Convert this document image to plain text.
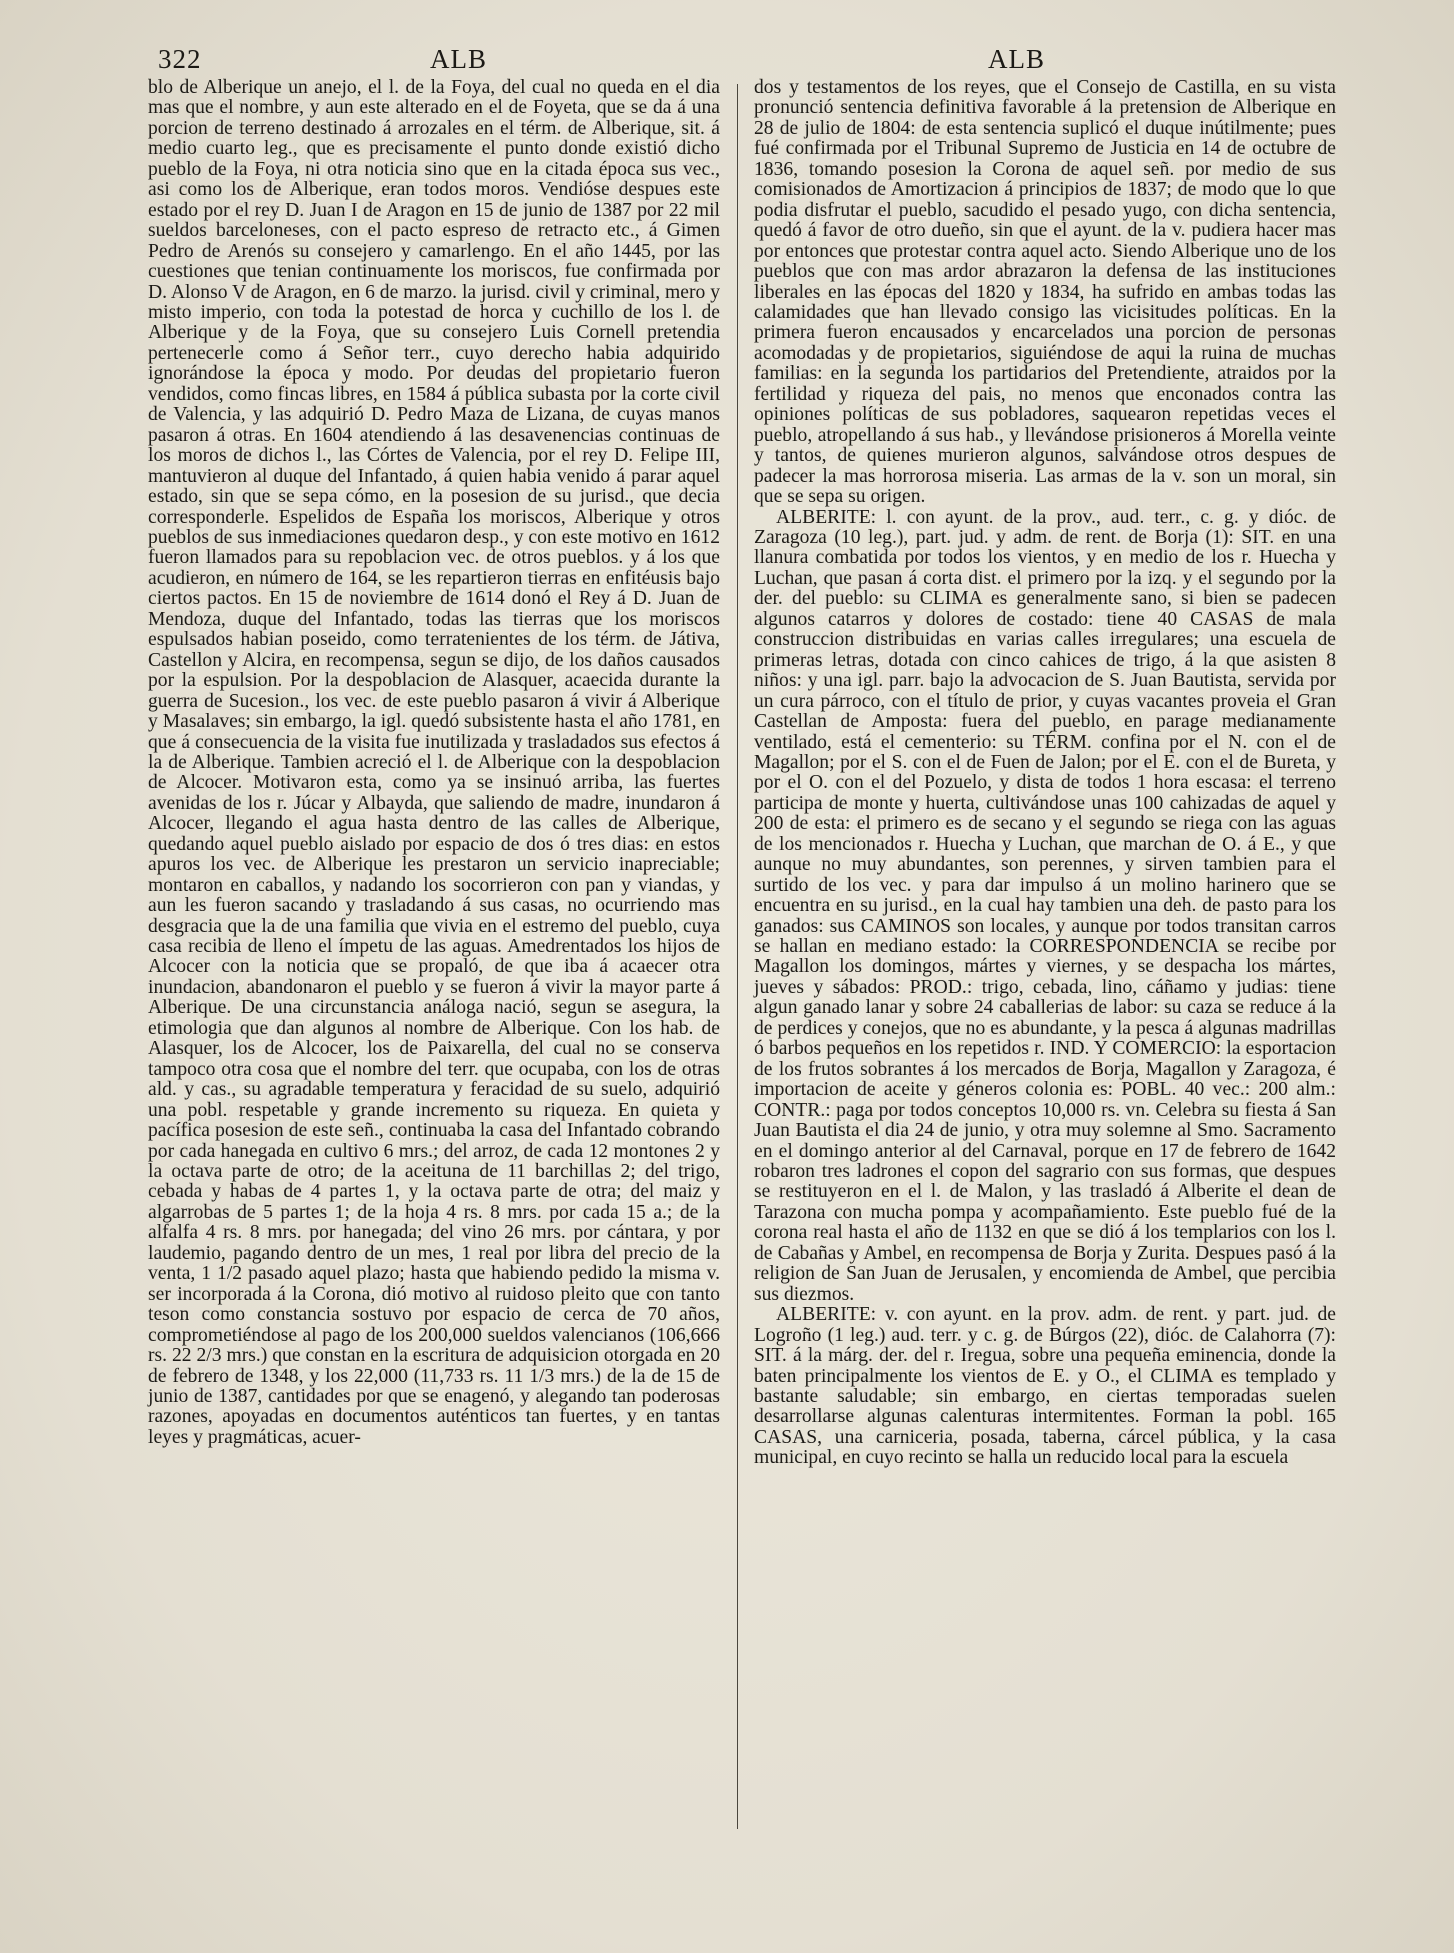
322	ALB	ALB

blo de Alberique un anejo, el l. de la Foya, del cual no queda en el dia mas que el nombre, y aun este alterado en el de Foyeta, que se da á una porcion de terreno destinado á arrozales en el térm. de Alberique, sit. á medio cuarto leg., que es precisamente el punto donde existió dicho pueblo de la Foya, ni otra noticia sino que en la citada época sus vec., asi como los de Alberique, eran todos moros. Vendióse despues este estado por el rey D. Juan I de Aragon en 15 de junio de 1387 por 22 mil sueldos barceloneses, con el pacto espreso de retracto etc., á Gimen Pedro de Arenós su consejero y camarlengo. En el año 1445, por las cuestiones que tenian continuamente los moriscos, fue confirmada por D. Alonso V de Aragon, en 6 de marzo. la jurisd. civil y criminal, mero y misto imperio, con toda la potestad de horca y cuchillo de los l. de Alberique y de la Foya, que su consejero Luis Cornell pretendia pertenecerle como á Señor terr., cuyo derecho habia adquirido ignorándose la época y modo. Por deudas del propietario fueron vendidos, como fincas libres, en 1584 á pública subasta por la corte civil de Valencia, y las adquirió D. Pedro Maza de Lizana, de cuyas manos pasaron á otras. En 1604 atendiendo á las desavenencias continuas de los moros de dichos l., las Córtes de Valencia, por el rey D. Felipe III, mantuvieron al duque del Infantado, á quien habia venido á parar aquel estado, sin que se sepa cómo, en la posesion de su jurisd., que decia corresponderle. Espelidos de España los moriscos, Alberique y otros pueblos de sus inmediaciones quedaron desp., y con este motivo en 1612 fueron llamados para su repoblacion vec. de otros pueblos. y á los que acudieron, en número de 164, se les repartieron tierras en enfitéusis bajo ciertos pactos. En 15 de noviembre de 1614 donó el Rey á D. Juan de Mendoza, duque del Infantado, todas las tierras que los moriscos espulsados habian poseido, como terratenientes de los térm. de Játiva, Castellon y Alcira, en recompensa, segun se dijo, de los daños causados por la espulsion. Por la despoblacion de Alasquer, acaecida durante la guerra de Sucesion., los vec. de este pueblo pasaron á vivir á Alberique y Masalaves; sin embargo, la igl. quedó subsistente hasta el año 1781, en que á consecuencia de la visita fue inutilizada y trasladados sus efectos á la de Alberique. Tambien acreció el l. de Alberique con la despoblacion de Alcocer. Motivaron esta, como ya se insinuó arriba, las fuertes avenidas de los r. Júcar y Albayda, que saliendo de madre, inundaron á Alcocer, llegando el agua hasta dentro de las calles de Alberique, quedando aquel pueblo aislado por espacio de dos ó tres dias: en estos apuros los vec. de Alberique les prestaron un servicio inapreciable; montaron en caballos, y nadando los socorrieron con pan y viandas, y aun les fueron sacando y trasladando á sus casas, no ocurriendo mas desgracia que la de una familia que vivia en el estremo del pueblo, cuya casa recibia de lleno el ímpetu de las aguas. Amedrentados los hijos de Alcocer con la noticia que se propaló, de que iba á acaecer otra inundacion, abandonaron el pueblo y se fueron á vivir la mayor parte á Alberique. De una circunstancia análoga nació, segun se asegura, la etimologia que dan algunos al nombre de Alberique. Con los hab. de Alasquer, los de Alcocer, los de Paixarella, del cual no se conserva tampoco otra cosa que el nombre del terr. que ocupaba, con los de otras ald. y cas., su agradable temperatura y feracidad de su suelo, adquirió una pobl. respetable y grande incremento su riqueza. En quieta y pacífica posesion de este señ., continuaba la casa del Infantado cobrando por cada hanegada en cultivo 6 mrs.; del arroz, de cada 12 montones 2 y la octava parte de otro; de la aceituna de 11 barchillas 2; del trigo, cebada y habas de 4 partes 1, y la octava parte de otra; del maiz y algarrobas de 5 partes 1; de la hoja 4 rs. 8 mrs. por cada 15 a.; de la alfalfa 4 rs. 8 mrs. por hanegada; del vino 26 mrs. por cántara, y por laudemio, pagando dentro de un mes, 1 real por libra del precio de la venta, 1 1/2 pasado aquel plazo; hasta que habiendo pedido la misma v. ser incorporada á la Corona, dió motivo al ruidoso pleito que con tanto teson como constancia sostuvo por espacio de cerca de 70 años, comprometiéndose al pago de los 200,000 sueldos valencianos (106,666 rs. 22 2/3 mrs.) que constan en la escritura de adquisicion otorgada en 20 de febrero de 1348, y los 22,000 (11,733 rs. 11 1/3 mrs.) de la de 15 de junio de 1387, cantidades por que se enagenó, y alegando tan poderosas razones, apoyadas en documentos auténticos tan fuertes, y en tantas leyes y pragmáticas, acuer-

dos y testamentos de los reyes, que el Consejo de Castilla, en su vista pronunció sentencia definitiva favorable á la pretension de Alberique en 28 de julio de 1804: de esta sentencia suplicó el duque inútilmente; pues fué confirmada por el Tribunal Supremo de Justicia en 14 de octubre de 1836, tomando posesion la Corona de aquel señ. por medio de sus comisionados de Amortizacion á principios de 1837; de modo que lo que podia disfrutar el pueblo, sacudido el pesado yugo, con dicha sentencia, quedó á favor de otro dueño, sin que el ayunt. de la v. pudiera hacer mas por entonces que protestar contra aquel acto. Siendo Alberique uno de los pueblos que con mas ardor abrazaron la defensa de las instituciones liberales en las épocas del 1820 y 1834, ha sufrido en ambas todas las calamidades que han llevado consigo las vicisitudes políticas. En la primera fueron encausados y encarcelados una porcion de personas acomodadas y de propietarios, siguiéndose de aqui la ruina de muchas familias: en la segunda los partidarios del Pretendiente, atraidos por la fertilidad y riqueza del pais, no menos que enconados contra las opiniones políticas de sus pobladores, saquearon repetidas veces el pueblo, atropellando á sus hab., y llevándose prisioneros á Morella veinte y tantos, de quienes murieron algunos, salvándose otros despues de padecer la mas horrorosa miseria. Las armas de la v. son un moral, sin que se sepa su origen.

ALBERITE: l. con ayunt. de la prov., aud. terr., c. g. y dióc. de Zaragoza (10 leg.), part. jud. y adm. de rent. de Borja (1): SIT. en una llanura combatida por todos los vientos, y en medio de los r. Huecha y Luchan, que pasan á corta dist. el primero por la izq. y el segundo por la der. del pueblo: su CLIMA es generalmente sano, si bien se padecen algunos catarros y dolores de costado: tiene 40 CASAS de mala construccion distribuidas en varias calles irregulares; una escuela de primeras letras, dotada con cinco cahices de trigo, á la que asisten 8 niños: y una igl. parr. bajo la advocacion de S. Juan Bautista, servida por un cura párroco, con el título de prior, y cuyas vacantes proveia el Gran Castellan de Amposta: fuera del pueblo, en parage medianamente ventilado, está el cementerio: su TÉRM. confina por el N. con el de Magallon; por el S. con el de Fuen de Jalon; por el E. con el de Bureta, y por el O. con el del Pozuelo, y dista de todos 1 hora escasa: el terreno participa de monte y huerta, cultivándose unas 100 cahizadas de aquel y 200 de esta: el primero es de secano y el segundo se riega con las aguas de los mencionados r. Huecha y Luchan, que marchan de O. á E., y que aunque no muy abundantes, son perennes, y sirven tambien para el surtido de los vec. y para dar impulso á un molino harinero que se encuentra en su jurisd., en la cual hay tambien una deh. de pasto para los ganados: sus CAMINOS son locales, y aunque por todos transitan carros se hallan en mediano estado: la CORRESPONDENCIA se recibe por Magallon los domingos, mártes y viernes, y se despacha los mártes, jueves y sábados: PROD.: trigo, cebada, lino, cáñamo y judias: tiene algun ganado lanar y sobre 24 caballerias de labor: su caza se reduce á la de perdices y conejos, que no es abundante, y la pesca á algunas madrillas ó barbos pequeños en los repetidos r. IND. Y COMERCIO: la esportacion de los frutos sobrantes á los mercados de Borja, Magallon y Zaragoza, é importacion de aceite y géneros colonia es: POBL. 40 vec.: 200 alm.: CONTR.: paga por todos conceptos 10,000 rs. vn. Celebra su fiesta á San Juan Bautista el dia 24 de junio, y otra muy solemne al Smo. Sacramento en el domingo anterior al del Carnaval, porque en 17 de febrero de 1642 robaron tres ladrones el copon del sagrario con sus formas, que despues se restituyeron en el l. de Malon, y las trasladó á Alberite el dean de Tarazona con mucha pompa y acompañamiento. Este pueblo fué de la corona real hasta el año de 1132 en que se dió á los templarios con los l. de Cabañas y Ambel, en recompensa de Borja y Zurita. Despues pasó á la religion de San Juan de Jerusalen, y encomienda de Ambel, que percibia sus diezmos.

ALBERITE: v. con ayunt. en la prov. adm. de rent. y part. jud. de Logroño (1 leg.) aud. terr. y c. g. de Búrgos (22), dióc. de Calahorra (7): SIT. á la márg. der. del r. Iregua, sobre una pequeña eminencia, donde la baten principalmente los vientos de E. y O., el CLIMA es templado y bastante saludable; sin embargo, en ciertas temporadas suelen desarrollarse algunas calenturas intermitentes. Forman la pobl. 165 CASAS, una carniceria, posada, taberna, cárcel pública, y la casa municipal, en cuyo recinto se halla un reducido local para la escuela
